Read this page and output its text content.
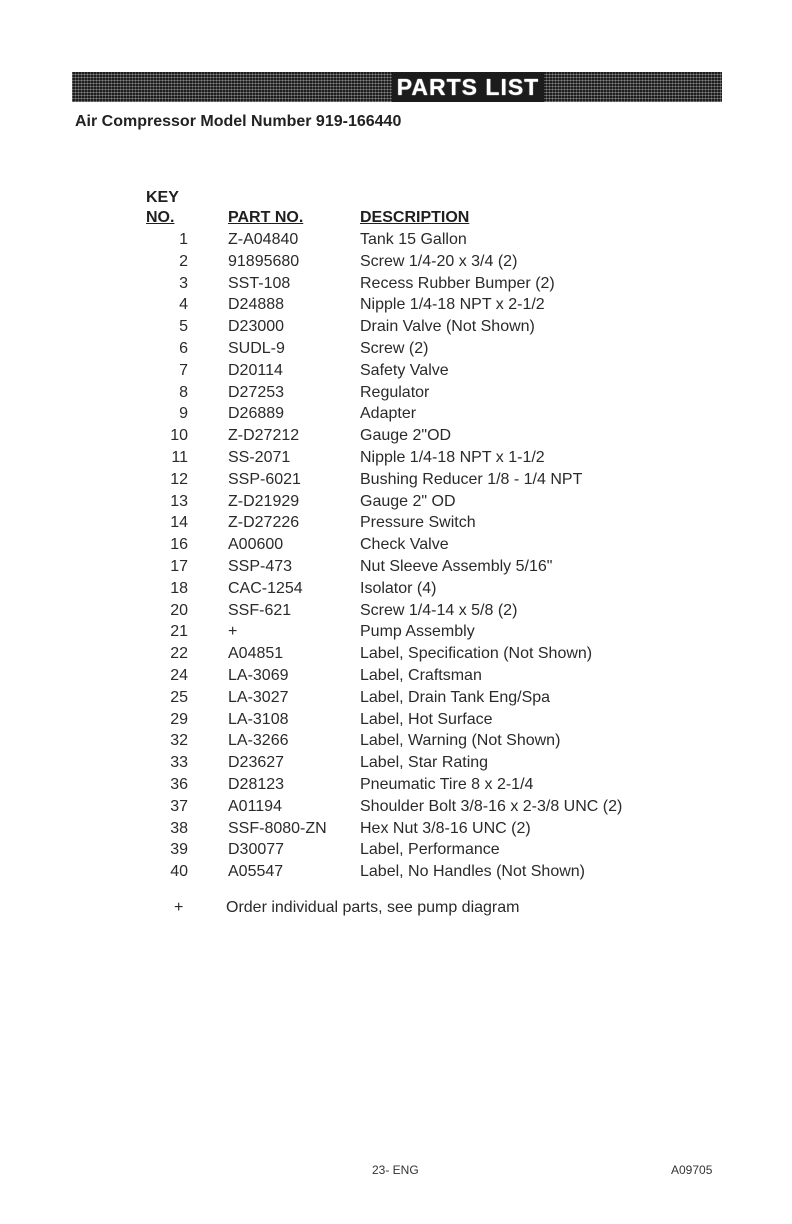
PARTS LIST
Air Compressor Model Number 919-166440
KEY
NO.	PART NO.	DESCRIPTION
1	Z-A04840	Tank 15 Gallon
2	91895680	Screw 1/4-20 x 3/4 (2)
3	SST-108	Recess Rubber Bumper (2)
4	D24888	Nipple 1/4-18 NPT x 2-1/2
5	D23000	Drain Valve (Not Shown)
6	SUDL-9	Screw (2)
7	D20114	Safety Valve
8	D27253	Regulator
9	D26889	Adapter
10	Z-D27212	Gauge 2"OD
11	SS-2071	Nipple 1/4-18 NPT x 1-1/2
12	SSP-6021	Bushing Reducer 1/8 - 1/4 NPT
13	Z-D21929	Gauge 2" OD
14	Z-D27226	Pressure Switch
16	A00600	Check Valve
17	SSP-473	Nut Sleeve Assembly 5/16"
18	CAC-1254	Isolator (4)
20	SSF-621	Screw 1/4-14 x 5/8 (2)
21	+	Pump Assembly
22	A04851	Label, Specification (Not Shown)
24	LA-3069	Label, Craftsman
25	LA-3027	Label, Drain Tank Eng/Spa
29	LA-3108	Label, Hot Surface
32	LA-3266	Label, Warning (Not Shown)
33	D23627	Label, Star Rating
36	D28123	Pneumatic Tire 8 x 2-1/4
37	A01194	Shoulder Bolt 3/8-16 x 2-3/8 UNC (2)
38	SSF-8080-ZN	Hex Nut 3/8-16 UNC (2)
39	D30077	Label, Performance
40	A05547	Label, No Handles (Not Shown)
+	Order individual parts, see pump diagram
23- ENG	A09705
